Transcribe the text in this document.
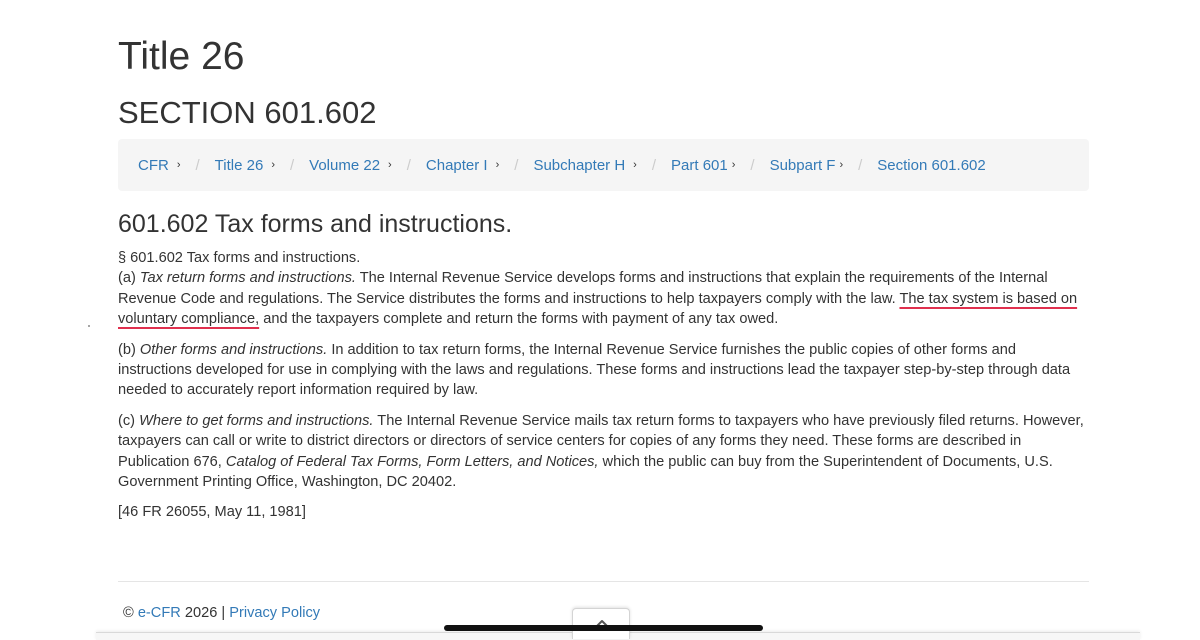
Title 26
SECTION 601.602
CFR › / Title 26 › / Volume 22 › / Chapter I › / Subchapter H › / Part 601 › / Subpart F › / Section 601.602
601.602 Tax forms and instructions.

§ 601.602 Tax forms and instructions.

(a) Tax return forms and instructions. The Internal Revenue Service develops forms and instructions that explain the requirements of the Internal Revenue Code and regulations. The Service distributes the forms and instructions to help taxpayers comply with the law. The tax system is based on voluntary compliance, and the taxpayers complete and return the forms with payment of any tax owed.

(b) Other forms and instructions. In addition to tax return forms, the Internal Revenue Service furnishes the public copies of other forms and instructions developed for use in complying with the laws and regulations. These forms and instructions lead the taxpayer step-by-step through data needed to accurately report information required by law.

(c) Where to get forms and instructions. The Internal Revenue Service mails tax return forms to taxpayers who have previously filed returns. However, taxpayers can call or write to district directors or directors of service centers for copies of any forms they need. These forms are described in Publication 676, Catalog of Federal Tax Forms, Form Letters, and Notices, which the public can buy from the Superintendent of Documents, U.S. Government Printing Office, Washington, DC 20402.

[46 FR 26055, May 11, 1981]

© e-CFR 2026 | Privacy Policy
